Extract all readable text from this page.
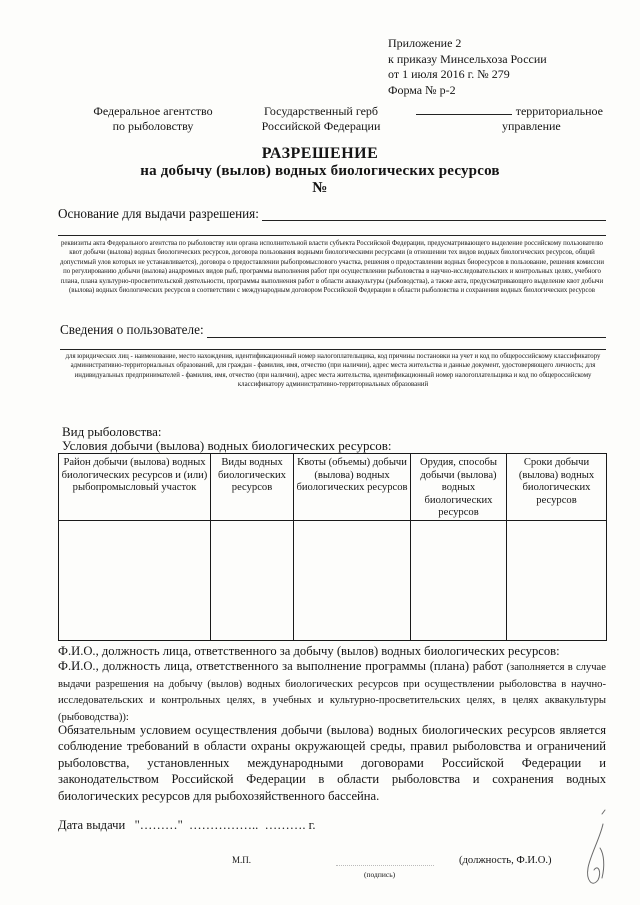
Приложение 2
к приказу Минсельхоза России
от 1 июля 2016 г. № 279
Форма № р-2
Федеральное агентство
по рыболовству
Государственный герб
Российской Федерации
территориальное
управление
РАЗРЕШЕНИЕ
на добычу (вылов) водных биологических ресурсов
№
Основание для выдачи разрешения:
реквизиты акта Федерального агентства по рыболовству или органа исполнительной власти субъекта Российской Федерации, предусматривающего выделение российскому пользователю квот добычи (вылова) водных биологических ресурсов, договора пользования водными биологическими ресурсами (в отношении тех видов водных биологических ресурсов, общий допустимый улов которых не устанавливается), договора о предоставлении рыбопромыслового участка, решения о предоставлении водных биоресурсов в пользование, решения комиссии по регулированию добычи (вылова) анадромных видов рыб, программы выполнения работ при осуществлении рыболовства в научно-исследовательских и контрольных целях, учебного плана, плана культурно-просветительской деятельности, программы выполнения работ в области аквакультуры (рыбоводства), а также акта, предусматривающего выделение квот добычи (вылова) водных биологических ресурсов в соответствии с международным договором Российской Федерации в области рыболовства и сохранения водных биологических ресурсов
Сведения о пользователе:
для юридических лиц - наименование, место нахождения, идентификационный номер налогоплательщика, код причины постановки на учет и код по общероссийскому классификатору административно-территориальных образований, для граждан - фамилия, имя, отчество (при наличии), адрес места жительства и данные документ, удостоверяющего личность; для индивидуальных предпринимателей - фамилия, имя, отчество (при наличии), адрес места жительства, идентификационный номер налогоплательщика и код по общероссийскому классификатору административно-территориальных образований
Вид рыболовства:
Условия добычи (вылова) водных биологических ресурсов:
Район добычи (вылова) водных биологических ресурсов и (или) рыбопромысловый участок	Виды водных биологических ресурсов	Квоты (объемы) добычи (вылова) водных биологических ресурсов	Орудия, способы добычи (вылова) водных биологических ресурсов	Сроки добычи (вылова) водных биологических ресурсов

Ф.И.О., должность лица, ответственного за добычу (вылов) водных биологических ресурсов:
Ф.И.О., должность лица, ответственного за выполнение программы (плана) работ (заполняется в случае выдачи разрешения на добычу (вылов) водных биологических ресурсов при осуществлении рыболовства в научно-исследовательских и контрольных целях, в учебных и культурно-просветительских целях, в целях аквакультуры (рыбоводства)):
Обязательным условием осуществления добычи (вылова) водных биологических ресурсов является соблюдение требований в области охраны окружающей среды, правил рыболовства и ограничений рыболовства, установленных международными договорами Российской Федерации и законодательством Российской Федерации в области рыболовства и сохранения водных биологических ресурсов для рыбохозяйственного бассейна.
Дата выдачи   "………"  ……………..  ………. г.
М.П.
(подпись)
(должность, Ф.И.О.)
